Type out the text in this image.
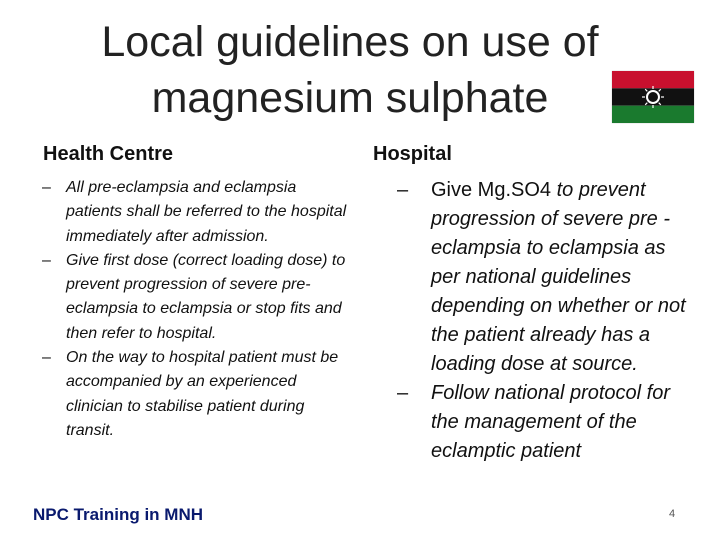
Local guidelines on use of magnesium sulphate
Health Centre	Hospital
– All pre-eclampsia and eclampsia patients shall be referred to the hospital immediately after admission.
– Give first dose (correct loading dose) to prevent progression of severe pre-eclampsia to eclampsia or stop fits and then refer to hospital.
– On the way to hospital patient must be accompanied by an experienced clinician to stabilise patient during transit.
– Give Mg.SO4 to prevent progression of severe pre -eclampsia to eclampsia as per national guidelines depending on whether or not the patient already has a loading dose at source.
– Follow national protocol for the management of the eclamptic patient
NPC Training in MNH	4
